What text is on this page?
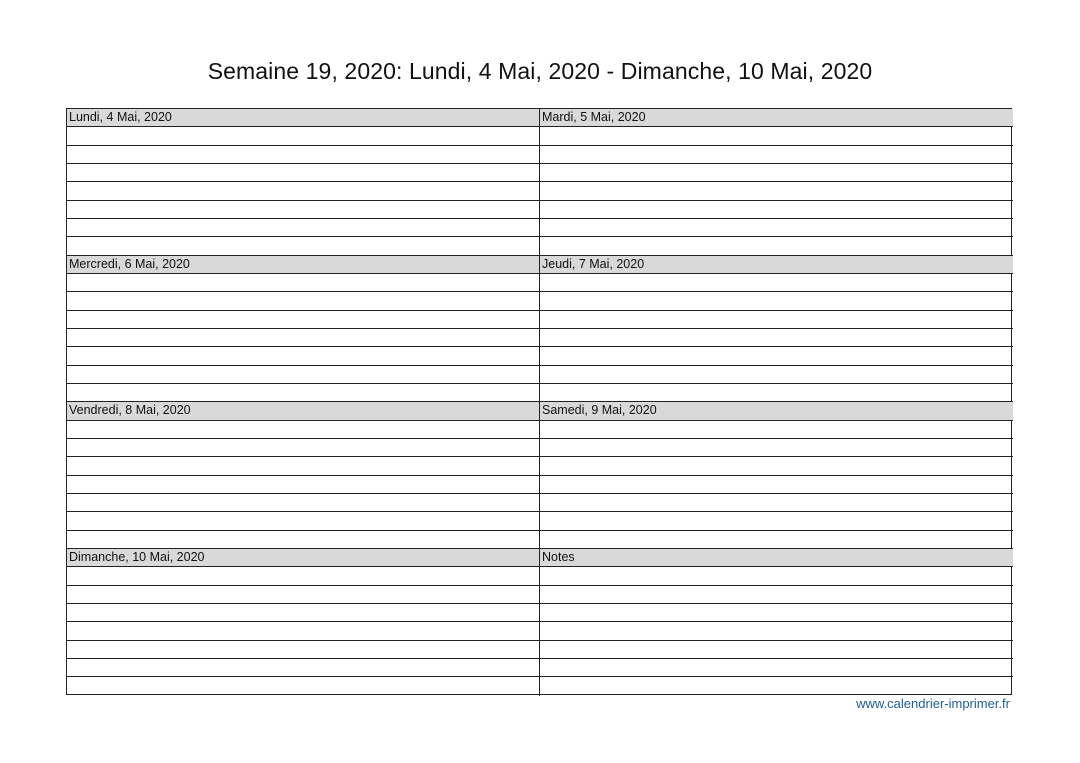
Semaine 19, 2020: Lundi, 4 Mai, 2020 - Dimanche, 10 Mai, 2020
Lundi, 4 Mai, 2020
Mercredi, 6 Mai, 2020
Vendredi, 8 Mai, 2020
Dimanche, 10 Mai, 2020
Mardi, 5 Mai, 2020
Jeudi, 7 Mai, 2020
Samedi, 9 Mai, 2020
Notes
www.calendrier-imprimer.fr
